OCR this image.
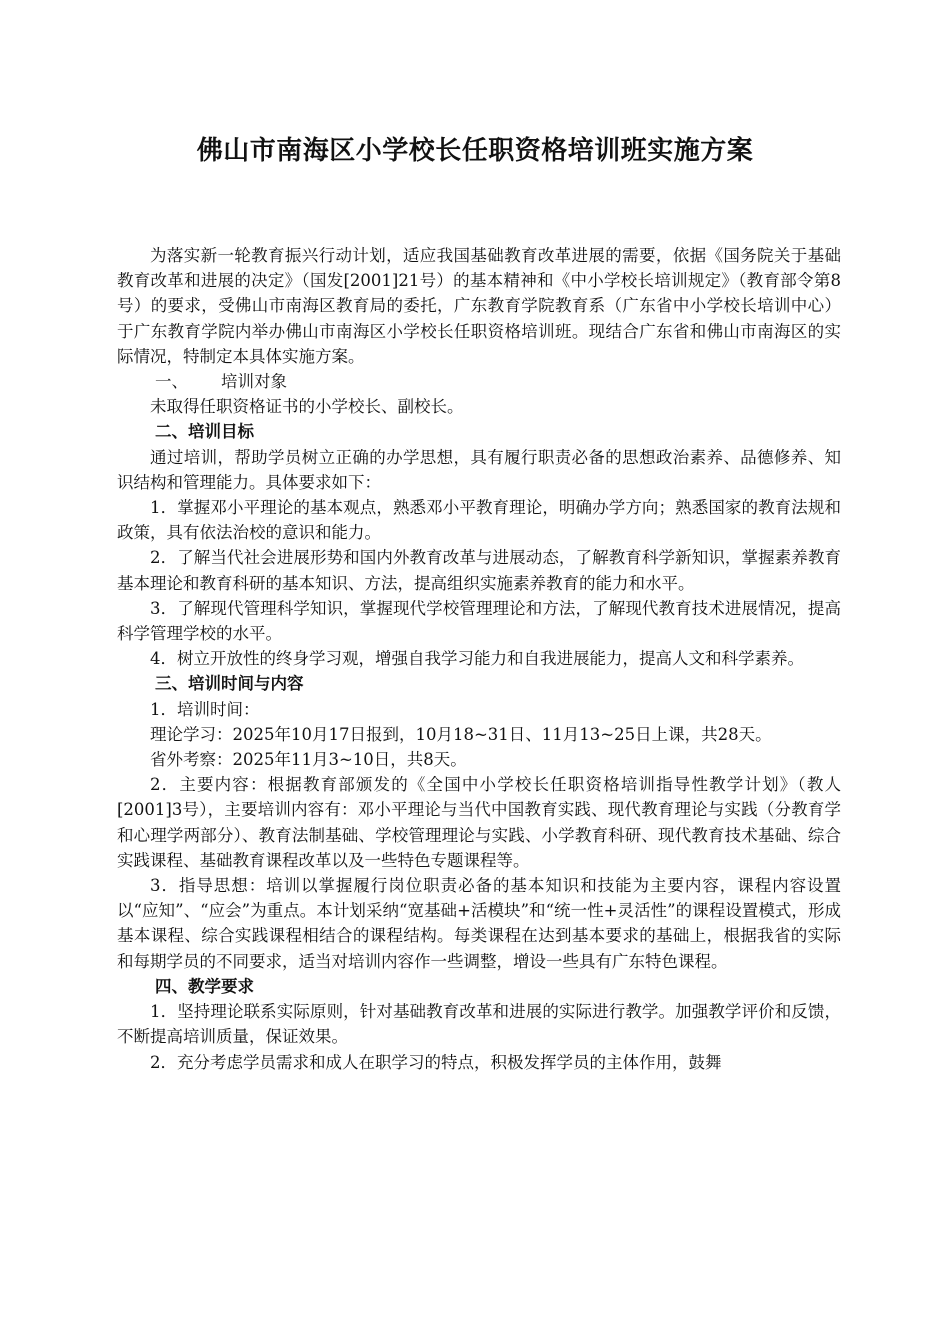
佛山市南海区小学校长任职资格培训班实施方案

为落实新一轮教育振兴行动计划，适应我国基础教育改革进展的需要，依据《国务院关于基础教育改革和进展的决定》（国发[2001]21号）的基本精神和《中小学校长培训规定》（教育部令第8号）的要求，受佛山市南海区教育局的委托，广东教育学院教育系（广东省中小学校长培训中心）于广东教育学院内举办佛山市南海区小学校长任职资格培训班。现结合广东省和佛山市南海区的实际情况，特制定本具体实施方案。

一、 培训对象

未取得任职资格证书的小学校长、副校长。

二、培训目标

通过培训，帮助学员树立正确的办学思想，具有履行职责必备的思想政治素养、品德修养、知识结构和管理能力。具体要求如下：

1．掌握邓小平理论的基本观点，熟悉邓小平教育理论，明确办学方向；熟悉国家的教育法规和政策，具有依法治校的意识和能力。

2．了解当代社会进展形势和国内外教育改革与进展动态，了解教育科学新知识，掌握素养教育基本理论和教育科研的基本知识、方法，提高组织实施素养教育的能力和水平。

3．了解现代管理科学知识，掌握现代学校管理理论和方法，了解现代教育技术进展情况，提高科学管理学校的水平。

4．树立开放性的终身学习观，增强自我学习能力和自我进展能力，提高人文和科学素养。

三、培训时间与内容

1．培训时间：

理论学习：2025年10月17日报到，10月18~31日、11月13~25日上课，共28天。

省外考察：2025年11月3~10日，共8天。

2．主要内容：根据教育部颁发的《全国中小学校长任职资格培训指导性教学计划》（教人[2001]3号），主要培训内容有：邓小平理论与当代中国教育实践、现代教育理论与实践（分教育学和心理学两部分）、教育法制基础、学校管理理论与实践、小学教育科研、现代教育技术基础、综合实践课程、基础教育课程改革以及一些特色专题课程等。

3．指导思想：培训以掌握履行岗位职责必备的基本知识和技能为主要内容，课程内容设置以“应知”、“应会”为重点。本计划采纳“宽基础+活模块”和“统一性+灵活性”的课程设置模式，形成基本课程、综合实践课程相结合的课程结构。每类课程在达到基本要求的基础上，根据我省的实际和每期学员的不同要求，适当对培训内容作一些调整，增设一些具有广东特色课程。

四、教学要求

1．坚持理论联系实际原则，针对基础教育改革和进展的实际进行教学。加强教学评价和反馈，不断提高培训质量，保证效果。

2．充分考虑学员需求和成人在职学习的特点，积极发挥学员的主体作用，鼓舞
